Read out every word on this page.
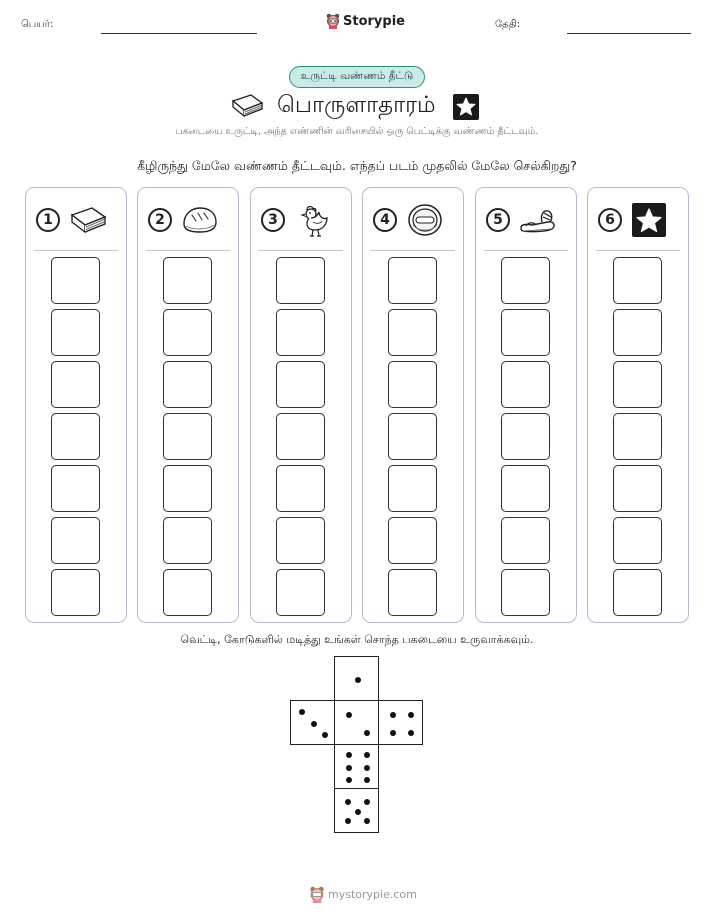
பெயர்:	தேதி:
Storypie
உருட்டி வண்ணம் தீட்டு
பொருளாதாரம்
பகடையை உருட்டி, அந்த எண்ணின் வரிசையில் ஒரு பெட்டிக்கு வண்ணம் தீட்டவும்.
கீழிருந்து மேலே வண்ணம் தீட்டவும். எந்தப் படம் முதலில் மேலே செல்கிறது?
1	2	3	4	5	6
வெட்டி, கோடுகளில் மடித்து உங்கள் சொந்த பகடையை உருவாக்கவும்.
mystorypie.com
